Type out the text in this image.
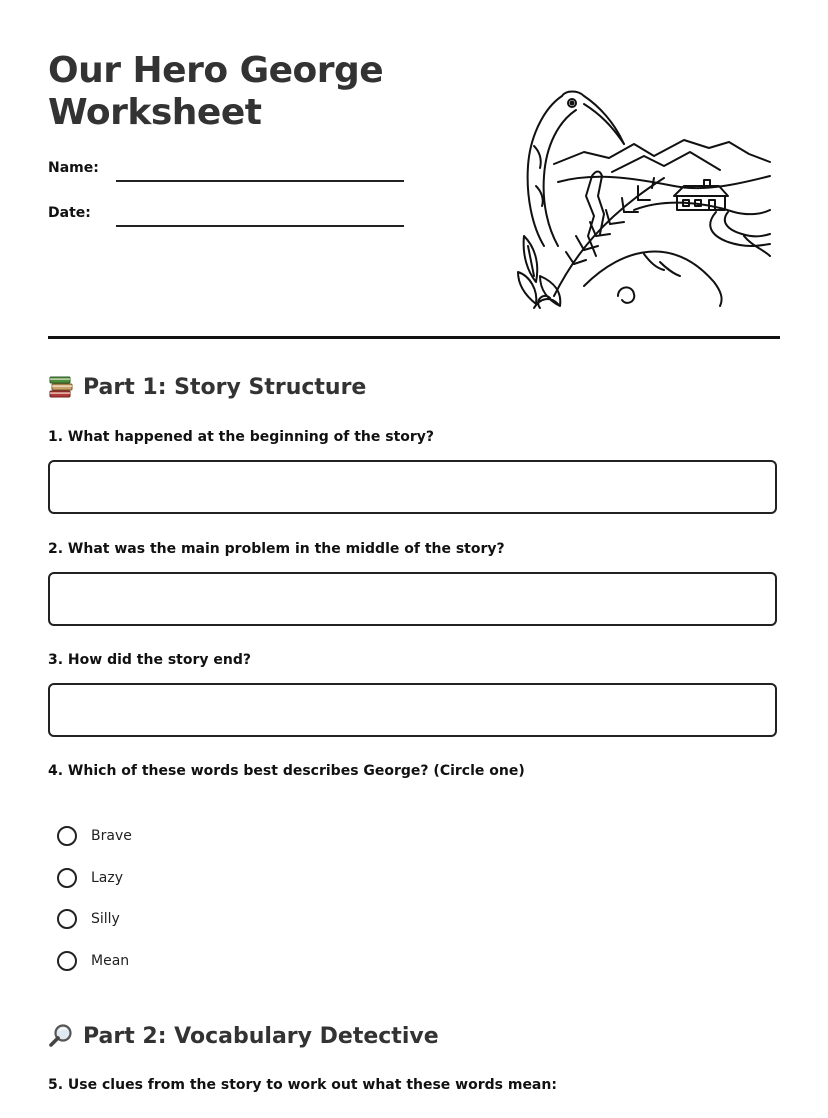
Our Hero George Worksheet
Name:
Date:
Part 1: Story Structure
1. What happened at the beginning of the story?
2. What was the main problem in the middle of the story?
3. How did the story end?
4. Which of these words best describes George? (Circle one)
Brave
Lazy
Silly
Mean
Part 2: Vocabulary Detective
5. Use clues from the story to work out what these words mean:
